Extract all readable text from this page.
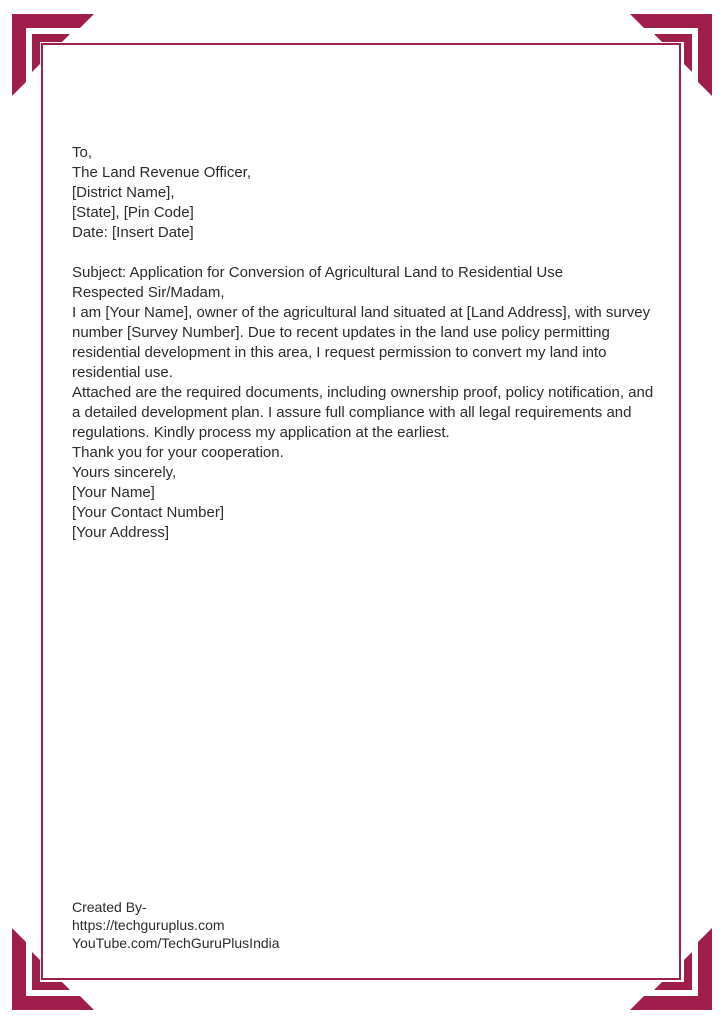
To,

The Land Revenue Officer,

[District Name],

[State], [Pin Code]

Date: [Insert Date]

Subject: Application for Conversion of Agricultural Land to Residential Use

Respected Sir/Madam,

I am [Your Name], owner of the agricultural land situated at [Land Address], with survey number [Survey Number]. Due to recent updates in the land use policy permitting residential development in this area, I request permission to convert my land into residential use.

Attached are the required documents, including ownership proof, policy notification, and a detailed development plan. I assure full compliance with all legal requirements and regulations. Kindly process my application at the earliest.

Thank you for your cooperation.

Yours sincerely,

[Your Name]

[Your Contact Number]

[Your Address]

Created By-

https://techguruplus.com

YouTube.com/TechGuruPlusIndia
